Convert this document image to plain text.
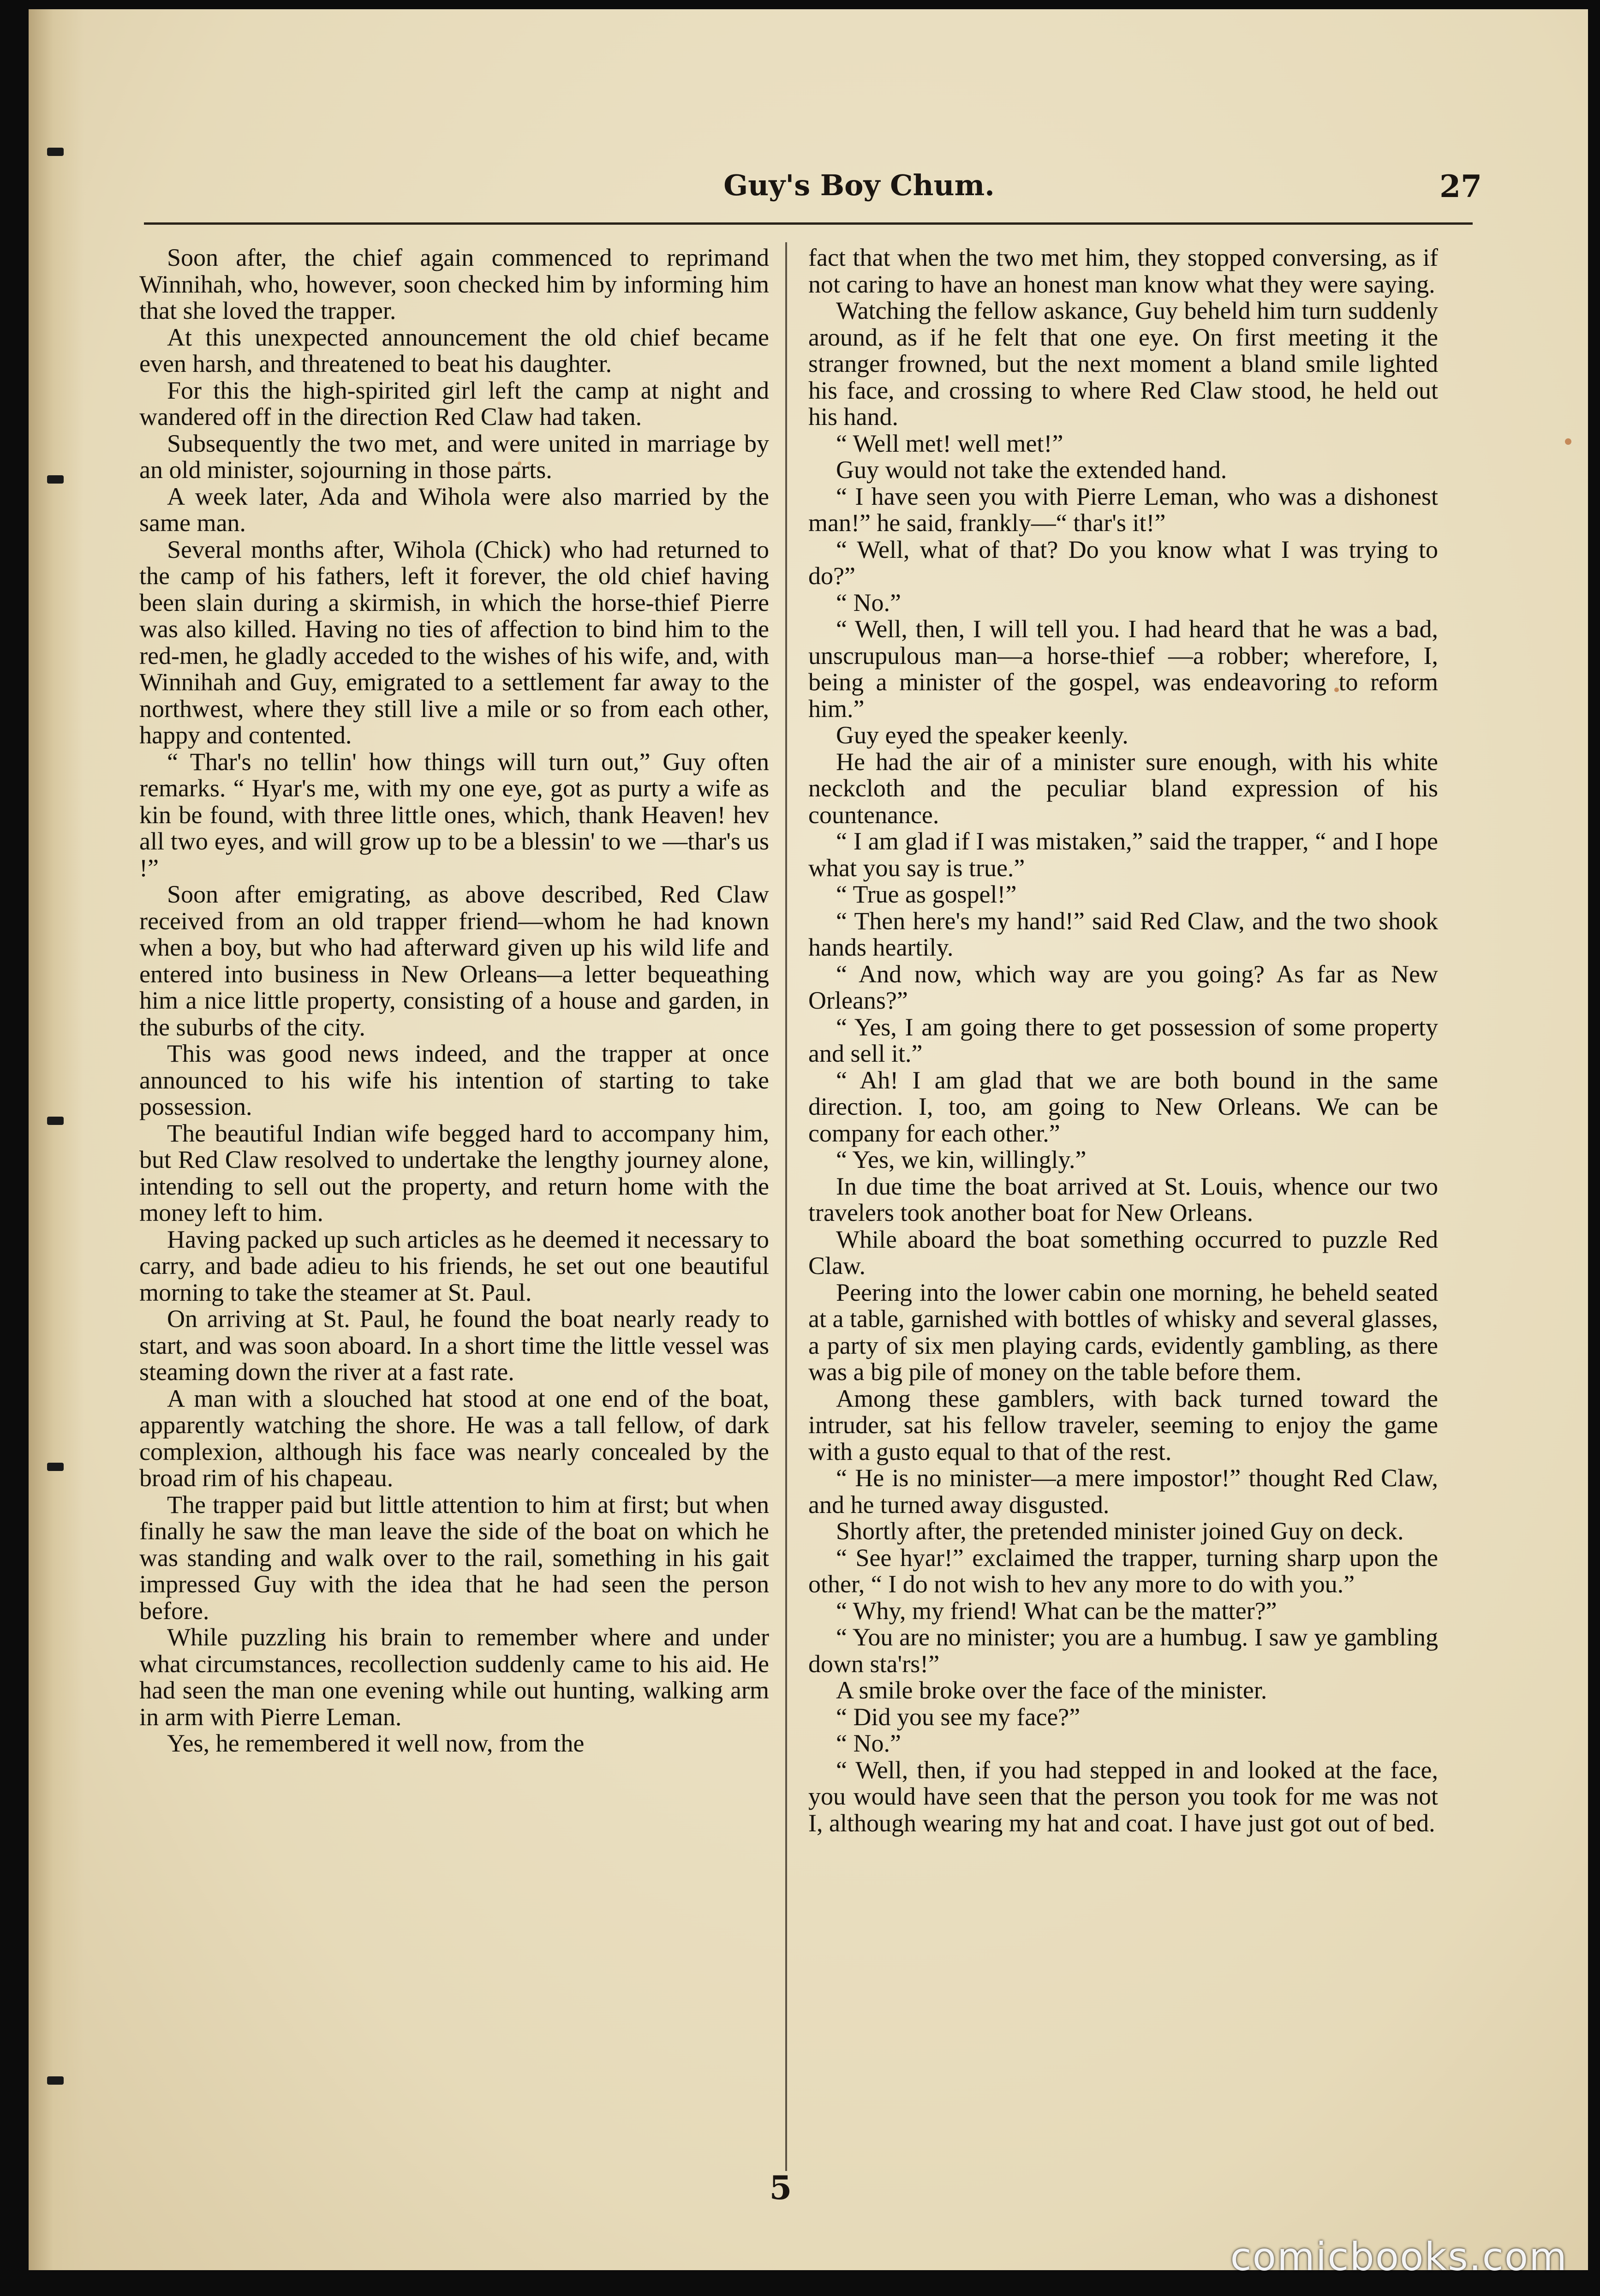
Guy's Boy Chum.	27

Soon after, the chief again commenced to reprimand Winnihah, who, however, soon checked him by informing him that she loved the trapper.

At this unexpected announcement the old chief became even harsh, and threatened to beat his daughter.

For this the high-spirited girl left the camp at night and wandered off in the direction Red Claw had taken.

Subsequently the two met, and were united in marriage by an old minister, sojourning in those parts.

A week later, Ada and Wihola were also married by the same man.

Several months after, Wihola (Chick) who had returned to the camp of his fathers, left it forever, the old chief having been slain during a skirmish, in which the horse-thief Pierre was also killed. Having no ties of affection to bind him to the red-men, he gladly acceded to the wishes of his wife, and, with Winnihah and Guy, emigrated to a settlement far away to the northwest, where they still live a mile or so from each other, happy and contented.

“ Thar's no tellin' how things will turn out,” Guy often remarks. “ Hyar's me, with my one eye, got as purty a wife as kin be found, with three little ones, which, thank Heaven! hev all two eyes, and will grow up to be a blessin' to we —thar's us !”

Soon after emigrating, as above described, Red Claw received from an old trapper friend—whom he had known when a boy, but who had afterward given up his wild life and entered into business in New Orleans—a letter bequeathing him a nice little property, consisting of a house and garden, in the suburbs of the city.

This was good news indeed, and the trapper at once announced to his wife his intention of starting to take possession.

The beautiful Indian wife begged hard to accompany him, but Red Claw resolved to undertake the lengthy journey alone, intending to sell out the property, and return home with the money left to him.

Having packed up such articles as he deemed it necessary to carry, and bade adieu to his friends, he set out one beautiful morning to take the steamer at St. Paul.

On arriving at St. Paul, he found the boat nearly ready to start, and was soon aboard. In a short time the little vessel was steaming down the river at a fast rate.

A man with a slouched hat stood at one end of the boat, apparently watching the shore. He was a tall fellow, of dark complexion, although his face was nearly concealed by the broad rim of his chapeau.

The trapper paid but little attention to him at first; but when finally he saw the man leave the side of the boat on which he was standing and walk over to the rail, something in his gait impressed Guy with the idea that he had seen the person before.

While puzzling his brain to remember where and under what circumstances, recollection suddenly came to his aid. He had seen the man one evening while out hunting, walking arm in arm with Pierre Leman.

Yes, he remembered it well now, from the

fact that when the two met him, they stopped conversing, as if not caring to have an honest man know what they were saying.

Watching the fellow askance, Guy beheld him turn suddenly around, as if he felt that one eye. On first meeting it the stranger frowned, but the next moment a bland smile lighted his face, and crossing to where Red Claw stood, he held out his hand.

“ Well met! well met!”

Guy would not take the extended hand.

“ I have seen you with Pierre Leman, who was a dishonest man!” he said, frankly—“ thar's it!”

“ Well, what of that? Do you know what I was trying to do?”

“ No.”

“ Well, then, I will tell you. I had heard that he was a bad, unscrupulous man—a horse-thief —a robber; wherefore, I, being a minister of the gospel, was endeavoring to reform him.”

Guy eyed the speaker keenly.

He had the air of a minister sure enough, with his white neckcloth and the peculiar bland expression of his countenance.

“ I am glad if I was mistaken,” said the trapper, “ and I hope what you say is true.”

“ True as gospel!”

“ Then here's my hand!” said Red Claw, and the two shook hands heartily.

“ And now, which way are you going? As far as New Orleans?”

“ Yes, I am going there to get possession of some property and sell it.”

“ Ah! I am glad that we are both bound in the same direction. I, too, am going to New Orleans. We can be company for each other.”

“ Yes, we kin, willingly.”

In due time the boat arrived at St. Louis, whence our two travelers took another boat for New Orleans.

While aboard the boat something occurred to puzzle Red Claw.

Peering into the lower cabin one morning, he beheld seated at a table, garnished with bottles of whisky and several glasses, a party of six men playing cards, evidently gambling, as there was a big pile of money on the table before them.

Among these gamblers, with back turned toward the intruder, sat his fellow traveler, seeming to enjoy the game with a gusto equal to that of the rest.

“ He is no minister—a mere impostor!” thought Red Claw, and he turned away disgusted.

Shortly after, the pretended minister joined Guy on deck.

“ See hyar!” exclaimed the trapper, turning sharp upon the other, “ I do not wish to hev any more to do with you.”

“ Why, my friend! What can be the matter?”

“ You are no minister; you are a humbug. I saw ye gambling down sta'rs!”

A smile broke over the face of the minister.

“ Did you see my face?”

“ No.”

“ Well, then, if you had stepped in and looked at the face, you would have seen that the person you took for me was not I, although wearing my hat and coat. I have just got out of bed.

5
comicbooks.com
